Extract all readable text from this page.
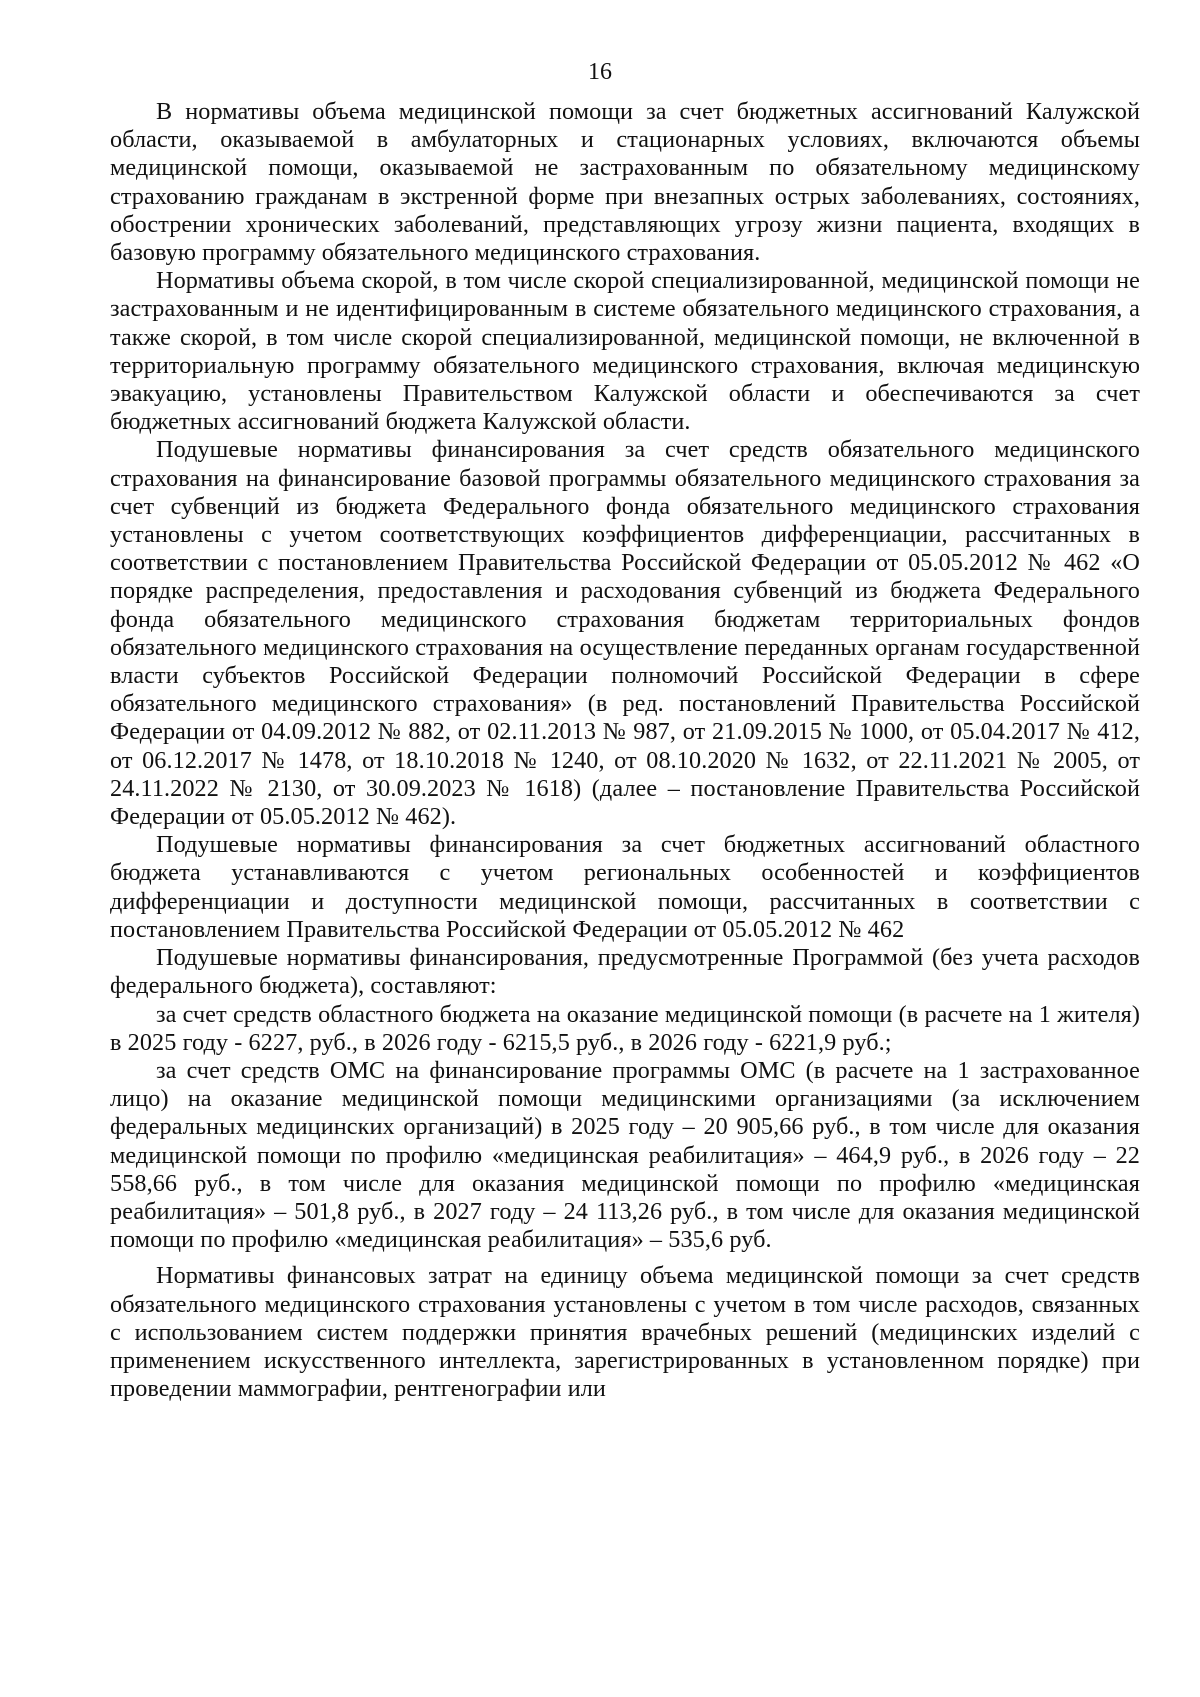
16

В нормативы объема медицинской помощи за счет бюджетных ассигнований Калужской области, оказываемой в амбулаторных и стационарных условиях, включаются объемы медицинской помощи, оказываемой не застрахованным по обязательному медицинскому страхованию гражданам в экстренной форме при внезапных острых заболеваниях, состояниях, обострении хронических заболеваний, представляющих угрозу жизни пациента, входящих в базовую программу обязательного медицинского страхования.

Нормативы объема скорой, в том числе скорой специализированной, медицинской помощи не застрахованным и не идентифицированным в системе обязательного медицинского страхования, а также скорой, в том числе скорой специализированной, медицинской помощи, не включенной в территориальную программу обязательного медицинского страхования, включая медицинскую эвакуацию, установлены Правительством Калужской области и обеспечиваются за счет бюджетных ассигнований бюджета Калужской области.

Подушевые нормативы финансирования за счет средств обязательного медицинского страхования на финансирование базовой программы обязательного медицинского страхования за счет субвенций из бюджета Федерального фонда обязательного медицинского страхования установлены с учетом соответствующих коэффициентов дифференциации, рассчитанных в соответствии с постановлением Правительства Российской Федерации от 05.05.2012 № 462 «О порядке распределения, предоставления и расходования субвенций из бюджета Федерального фонда обязательного медицинского страхования бюджетам территориальных фондов обязательного медицинского страхования на осуществление переданных органам государственной власти субъектов Российской Федерации полномочий Российской Федерации в сфере обязательного медицинского страхования» (в ред. постановлений Правительства Российской Федерации от 04.09.2012 № 882, от 02.11.2013 № 987, от 21.09.2015 № 1000, от 05.04.2017 № 412, от 06.12.2017 № 1478, от 18.10.2018 № 1240, от 08.10.2020 № 1632, от 22.11.2021 № 2005, от 24.11.2022 № 2130, от 30.09.2023 № 1618) (далее – постановление Правительства Российской Федерации от 05.05.2012 № 462).

Подушевые нормативы финансирования за счет бюджетных ассигнований областного бюджета устанавливаются с учетом региональных особенностей и коэффициентов дифференциации и доступности медицинской помощи, рассчитанных в соответствии с постановлением Правительства Российской Федерации от 05.05.2012 № 462

Подушевые нормативы финансирования, предусмотренные Программой (без учета расходов федерального бюджета), составляют:

за счет средств областного бюджета на оказание медицинской помощи (в расчете на 1 жителя) в 2025 году - 6227, руб., в 2026 году - 6215,5 руб., в 2026 году - 6221,9 руб.;

за счет средств ОМС на финансирование программы ОМС (в расчете на 1 застрахованное лицо) на оказание медицинской помощи медицинскими организациями (за исключением федеральных медицинских организаций) в 2025 году – 20 905,66 руб., в том числе для оказания медицинской помощи по профилю «медицинская реабилитация» – 464,9 руб., в 2026 году – 22 558,66 руб., в том числе для оказания медицинской помощи по профилю «медицинская реабилитация» – 501,8 руб., в 2027 году – 24 113,26 руб., в том числе для оказания медицинской помощи по профилю «медицинская реабилитация» – 535,6 руб.

Нормативы финансовых затрат на единицу объема медицинской помощи за счет средств обязательного медицинского страхования установлены с учетом в том числе расходов, связанных с использованием систем поддержки принятия врачебных решений (медицинских изделий с применением искусственного интеллекта, зарегистрированных в установленном порядке) при проведении маммографии, рентгенографии или
